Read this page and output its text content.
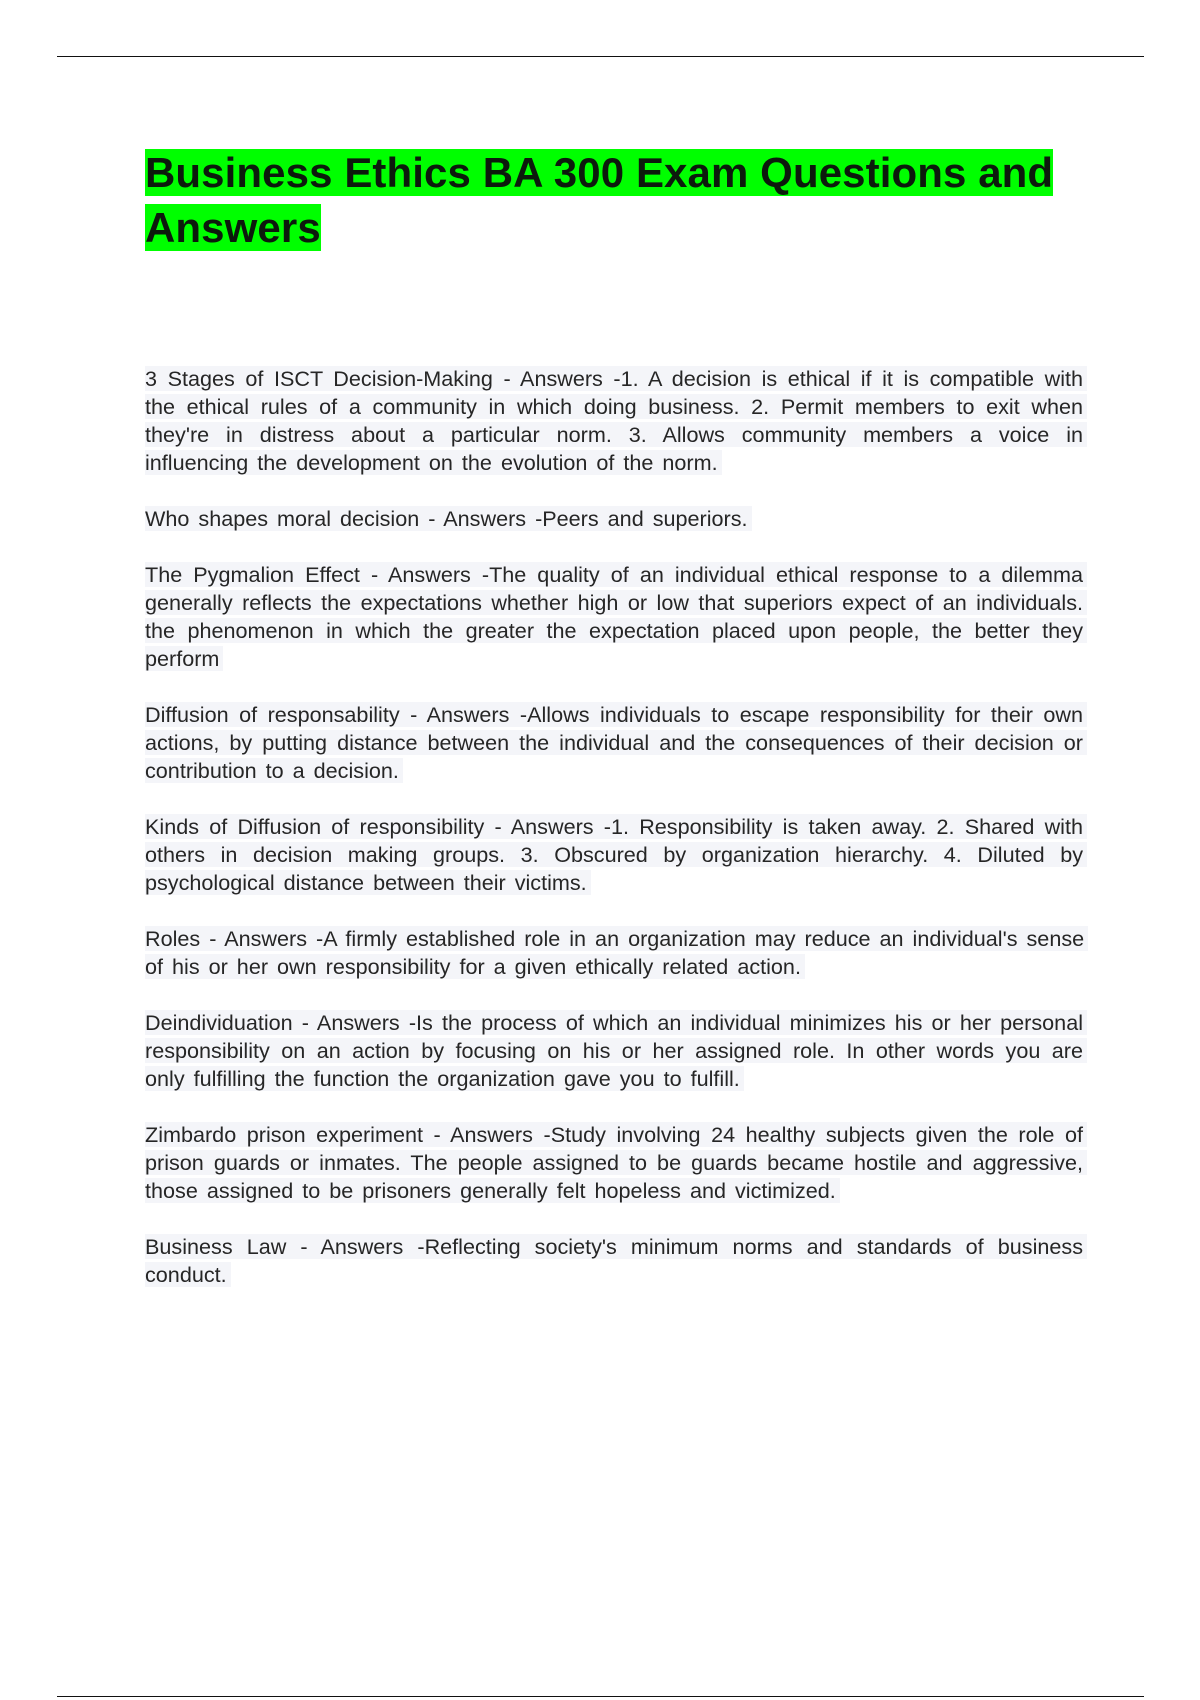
Business Ethics BA 300 Exam Questions and Answers

3 Stages of ISCT Decision-Making - Answers -1. A decision is ethical if it is compatible with the ethical rules of a community in which doing business. 2. Permit members to exit when they're in distress about a particular norm. 3. Allows community members a voice in influencing the development on the evolution of the norm.

Who shapes moral decision - Answers -Peers and superiors.

The Pygmalion Effect - Answers -The quality of an individual ethical response to a dilemma generally reflects the expectations whether high or low that superiors expect of an individuals. the phenomenon in which the greater the expectation placed upon people, the better they perform

Diffusion of responsability - Answers -Allows individuals to escape responsibility for their own actions, by putting distance between the individual and the consequences of their decision or contribution to a decision.

Kinds of Diffusion of responsibility - Answers -1. Responsibility is taken away. 2. Shared with others in decision making groups. 3. Obscured by organization hierarchy. 4. Diluted by psychological distance between their victims.

Roles - Answers -A firmly established role in an organization may reduce an individual's sense of his or her own responsibility for a given ethically related action.

Deindividuation - Answers -Is the process of which an individual minimizes his or her personal responsibility on an action by focusing on his or her assigned role. In other words you are only fulfilling the function the organization gave you to fulfill.

Zimbardo prison experiment - Answers -Study involving 24 healthy subjects given the role of prison guards or inmates. The people assigned to be guards became hostile and aggressive, those assigned to be prisoners generally felt hopeless and victimized.

Business Law - Answers -Reflecting society's minimum norms and standards of business conduct.
